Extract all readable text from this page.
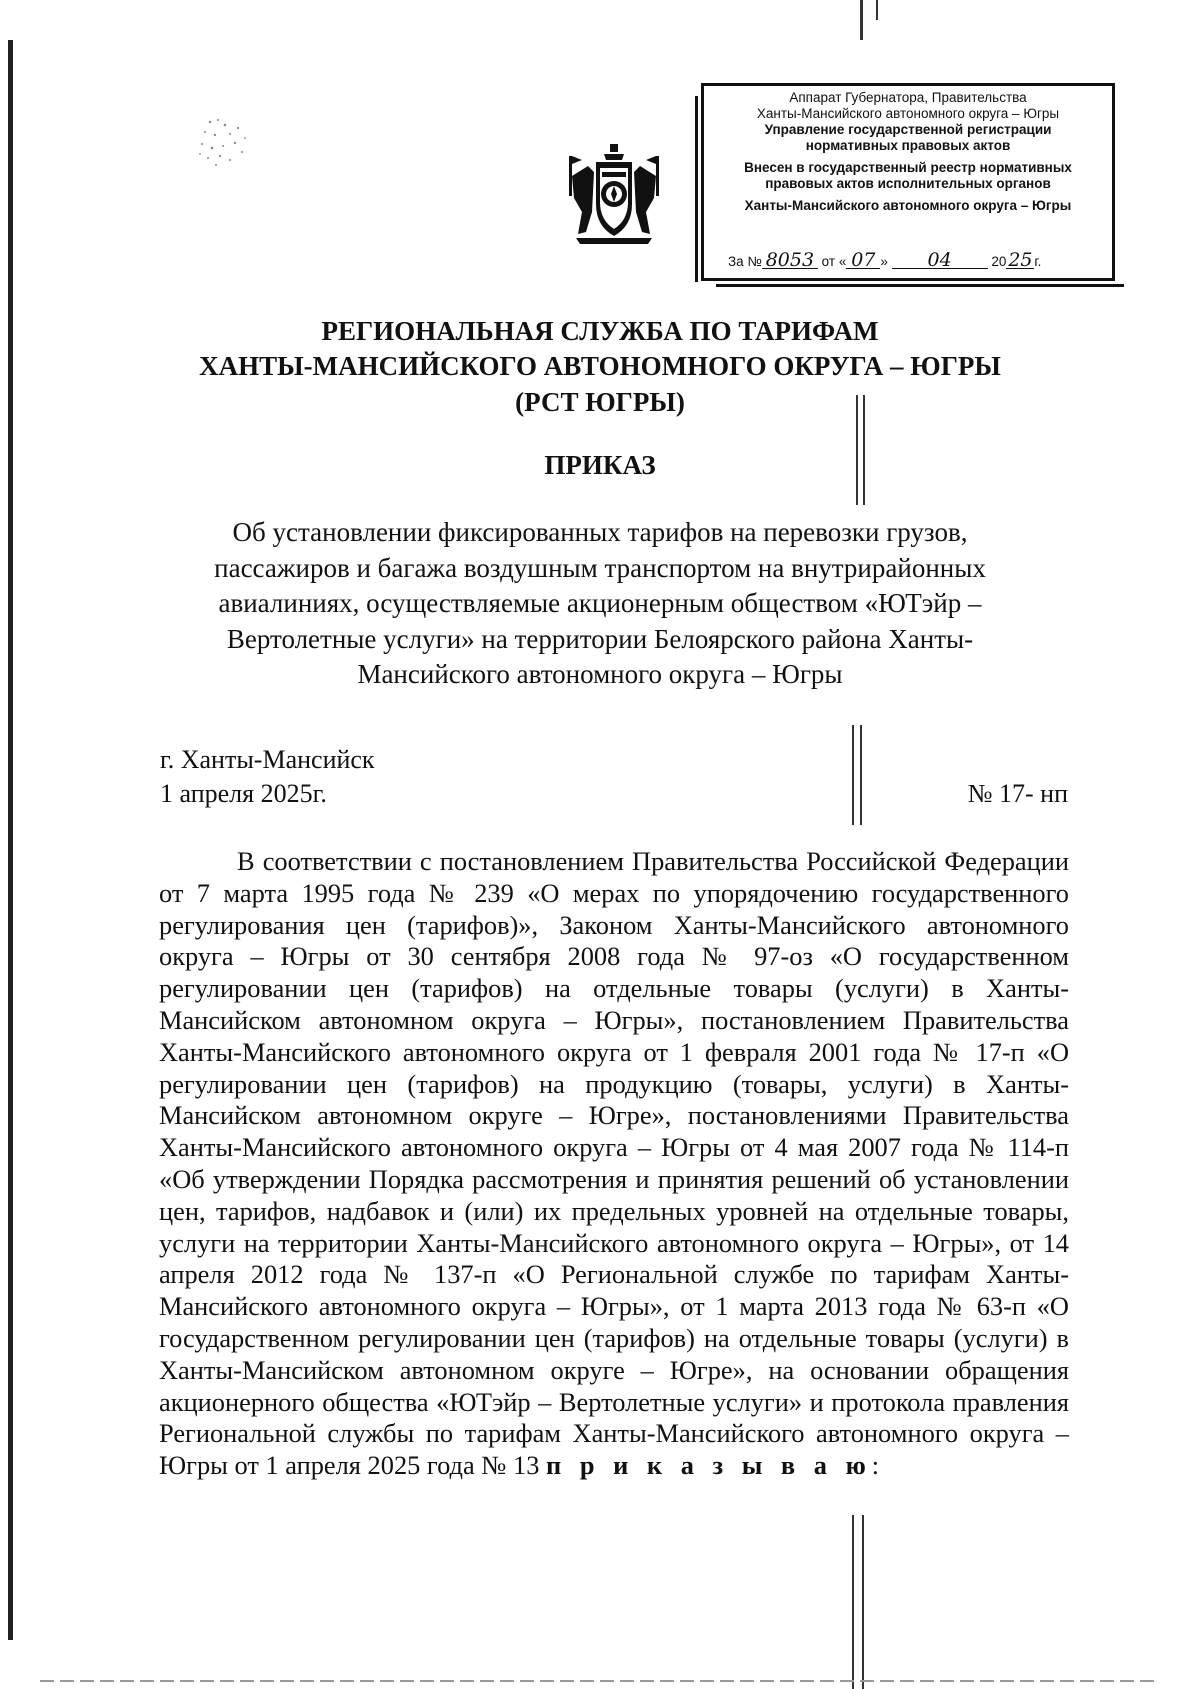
Аппарат Губернатора, Правительства
Ханты-Мансийского автономного округа – Югры
Управление государственной регистрации
нормативных правовых актов
Внесен в государственный реестр нормативных
правовых актов исполнительных органов
Ханты-Мансийского автономного округа – Югры
За № 8053 от « 07 » 04	20 25 г.
РЕГИОНАЛЬНАЯ СЛУЖБА ПО ТАРИФАМ
ХАНТЫ-МАНСИЙСКОГО АВТОНОМНОГО ОКРУГА – ЮГРЫ
(РСТ ЮГРЫ)
ПРИКАЗ
Об установлении фиксированных тарифов на перевозки грузов, пассажиров и багажа воздушным транспортом на внутрирайонных авиалиниях, осуществляемые акционерным обществом «ЮТэйр – Вертолетные услуги» на территории Белоярского района Ханты-Мансийского автономного округа – Югры
г. Ханты-Мансийск
1 апреля 2025г.	№ 17- нп

В соответствии с постановлением Правительства Российской Федерации от 7 марта 1995 года № 239 «О мерах по упорядочению государственного регулирования цен (тарифов)», Законом Ханты-Мансийского автономного округа – Югры от 30 сентября 2008 года № 97-оз «О государственном регулировании цен (тарифов) на отдельные товары (услуги) в Ханты-Мансийском автономном округа – Югры», постановлением Правительства Ханты-Мансийского автономного округа от 1 февраля 2001 года № 17-п «О регулировании цен (тарифов) на продукцию (товары, услуги) в Ханты-Мансийском автономном округе – Югре», постановлениями Правительства Ханты-Мансийского автономного округа – Югры от 4 мая 2007 года № 114-п «Об утверждении Порядка рассмотрения и принятия решений об установлении цен, тарифов, надбавок и (или) их предельных уровней на отдельные товары, услуги на территории Ханты-Мансийского автономного округа – Югры», от 14 апреля 2012 года № 137-п «О Региональной службе по тарифам Ханты-Мансийского автономного округа – Югры», от 1 марта 2013 года № 63-п «О государственном регулировании цен (тарифов) на отдельные товары (услуги) в Ханты-Мансийском автономном округе – Югре», на основании обращения акционерного общества «ЮТэйр – Вертолетные услуги» и протокола правления Региональной службы по тарифам Ханты-Мансийского автономного округа – Югры от 1 апреля 2025 года № 13 п р и к а з ы в а ю:
